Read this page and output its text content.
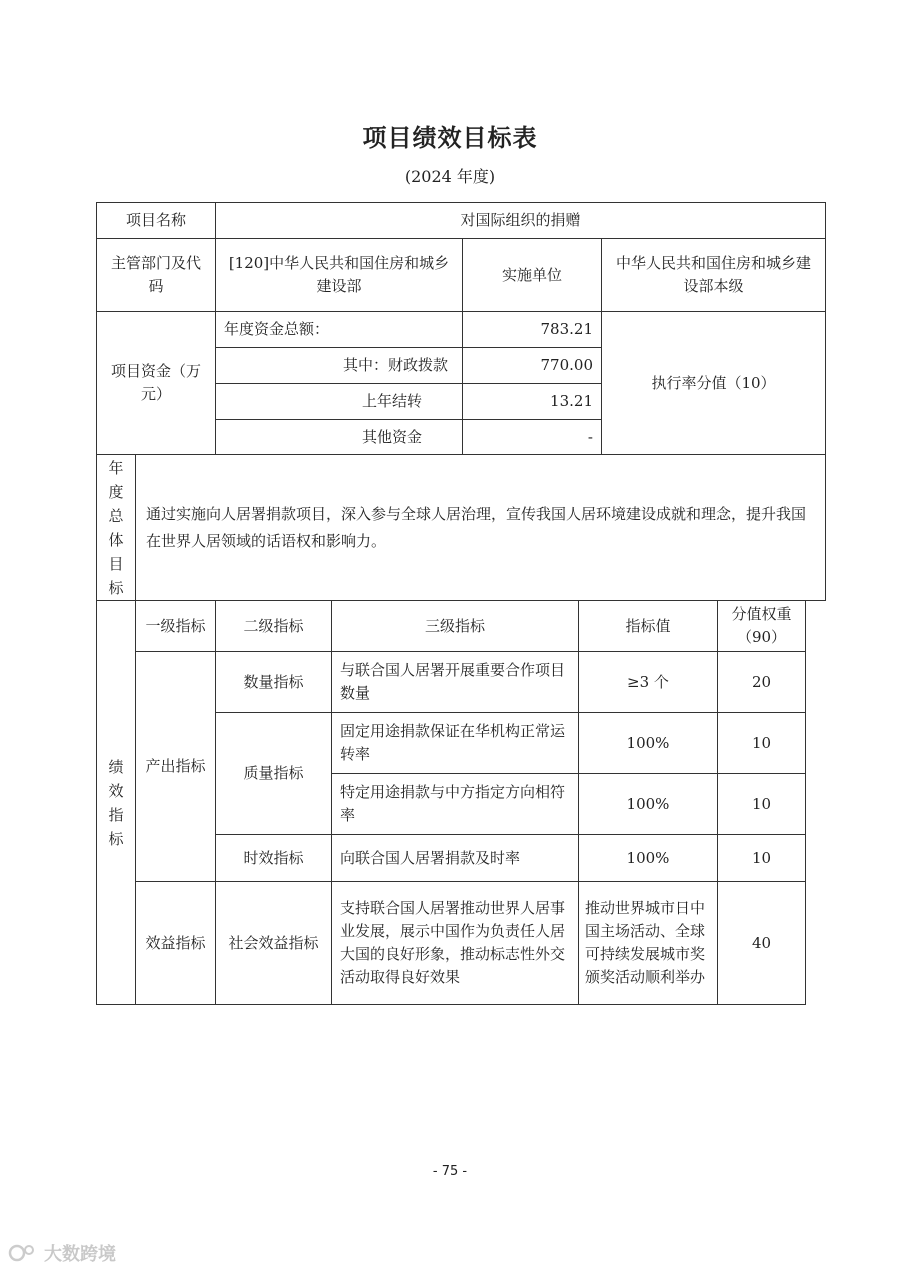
项目绩效目标表
(2024 年度)
项目名称		对国际组织的捐赠		
主管部门及代码		[120]中华人民共和国住房和城乡建设部	实施单位	中华人民共和国住房和城乡建设部本级
项目资金（万元）		年度资金总额：	783.21	执行率分值（10）
		其中：财政拨款	770.00	
		上年结转	13.21	
		其他资金	-	
年度总体目标	通过实施向人居署捐款项目，深入参与全球人居治理，宣传我国人居环境建设成就和理念，提升我国在世界人居领域的话语权和影响力。			
绩效指标	一级指标	二级指标	三级指标	指标值	分值权重（90）
	产出指标	数量指标	与联合国人居署开展重要合作项目数量	≥3 个	20
		质量指标	固定用途捐款保证在华机构正常运转率	100%	10
			特定用途捐款与中方指定方向相符率	100%	10
		时效指标	向联合国人居署捐款及时率	100%	10
	效益指标	社会效益指标	支持联合国人居署推动世界人居事业发展，展示中国作为负责任人居大国的良好形象，推动标志性外交活动取得良好效果	推动世界城市日中国主场活动、全球可持续发展城市奖颁奖活动顺利举办	40
- 75 -
大数跨境
